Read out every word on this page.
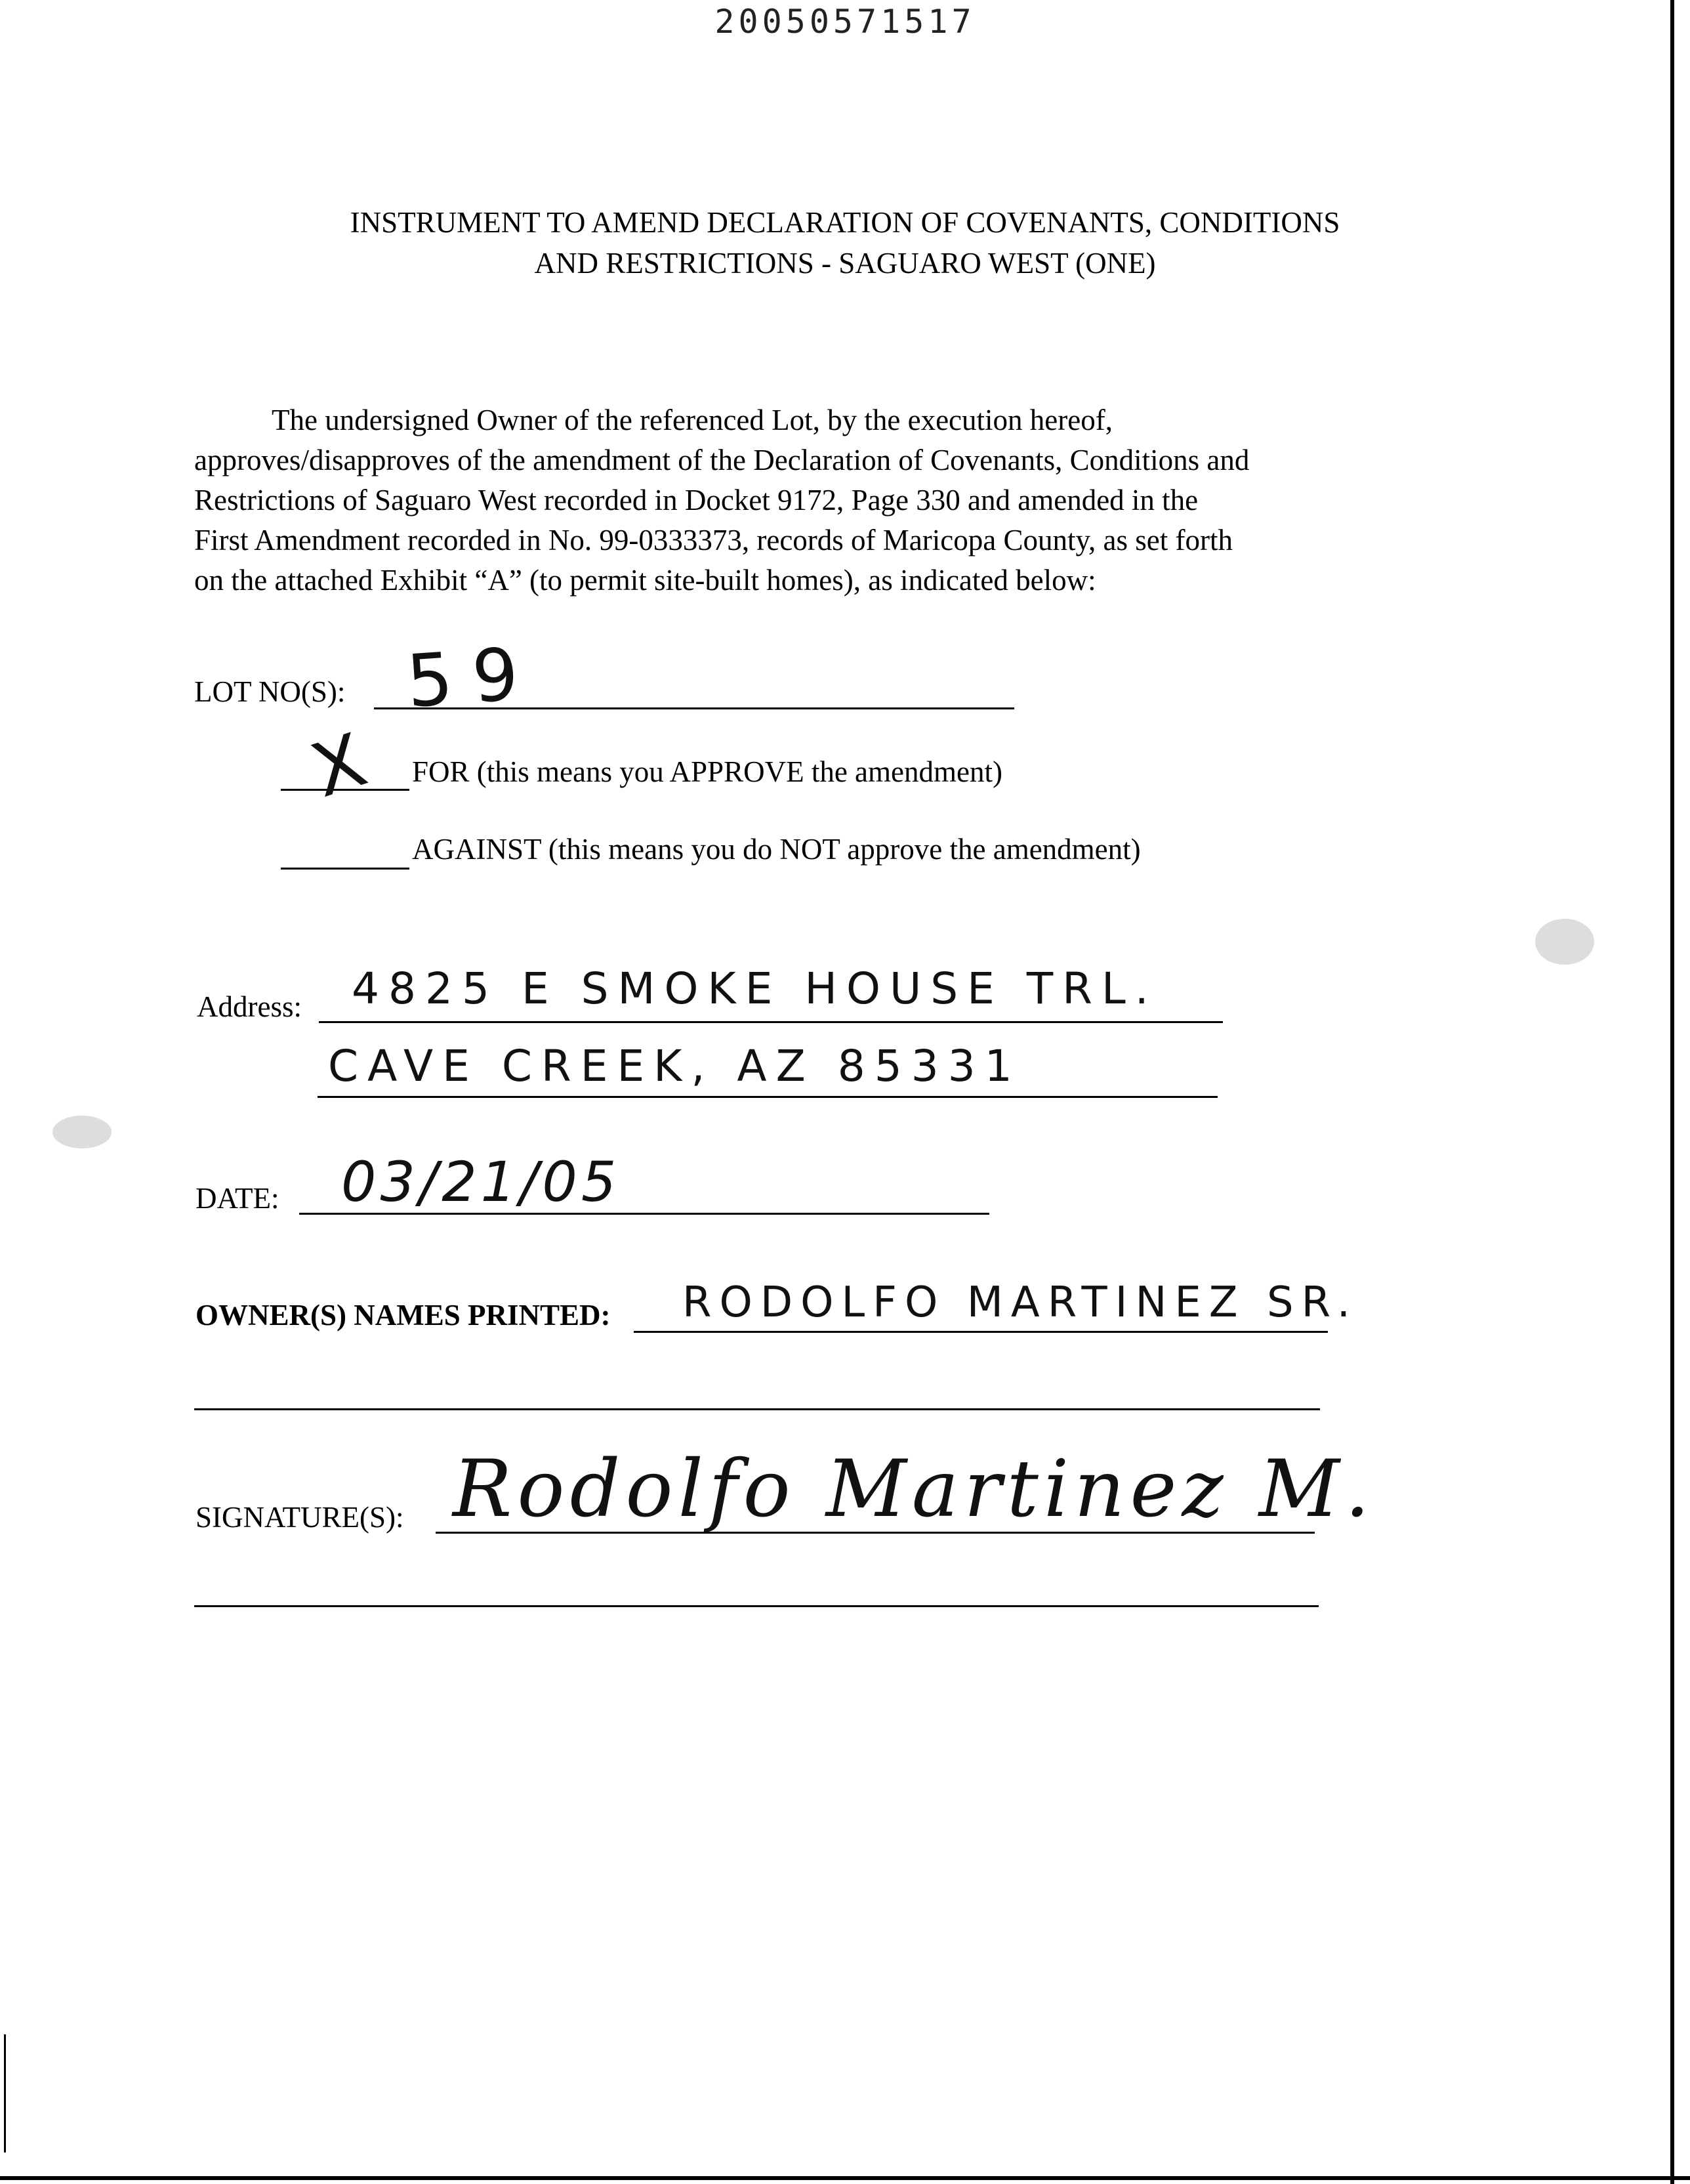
20050571517
INSTRUMENT TO AMEND DECLARATION OF COVENANTS, CONDITIONS
AND RESTRICTIONS - SAGUARO WEST (ONE)
The undersigned Owner of the referenced Lot, by the execution hereof,
approves/disapproves of the amendment of the Declaration of Covenants, Conditions and
Restrictions of Saguaro West recorded in Docket 9172, Page 330 and amended in the
First Amendment recorded in No. 99-0333373, records of Maricopa County, as set forth
on the attached Exhibit “A” (to permit site-built homes), as indicated below:
LOT NO(S): 59
X FOR (this means you APPROVE the amendment)
AGAINST (this means you do NOT approve the amendment)
Address: 4825 E SMOKE HOUSE TRL.
CAVE CREEK, AZ 85331
DATE: 03/21/05
OWNER(S) NAMES PRINTED: RODOLFO MARTINEZ SR.
SIGNATURE(S): Rodolfo Martinez M.
